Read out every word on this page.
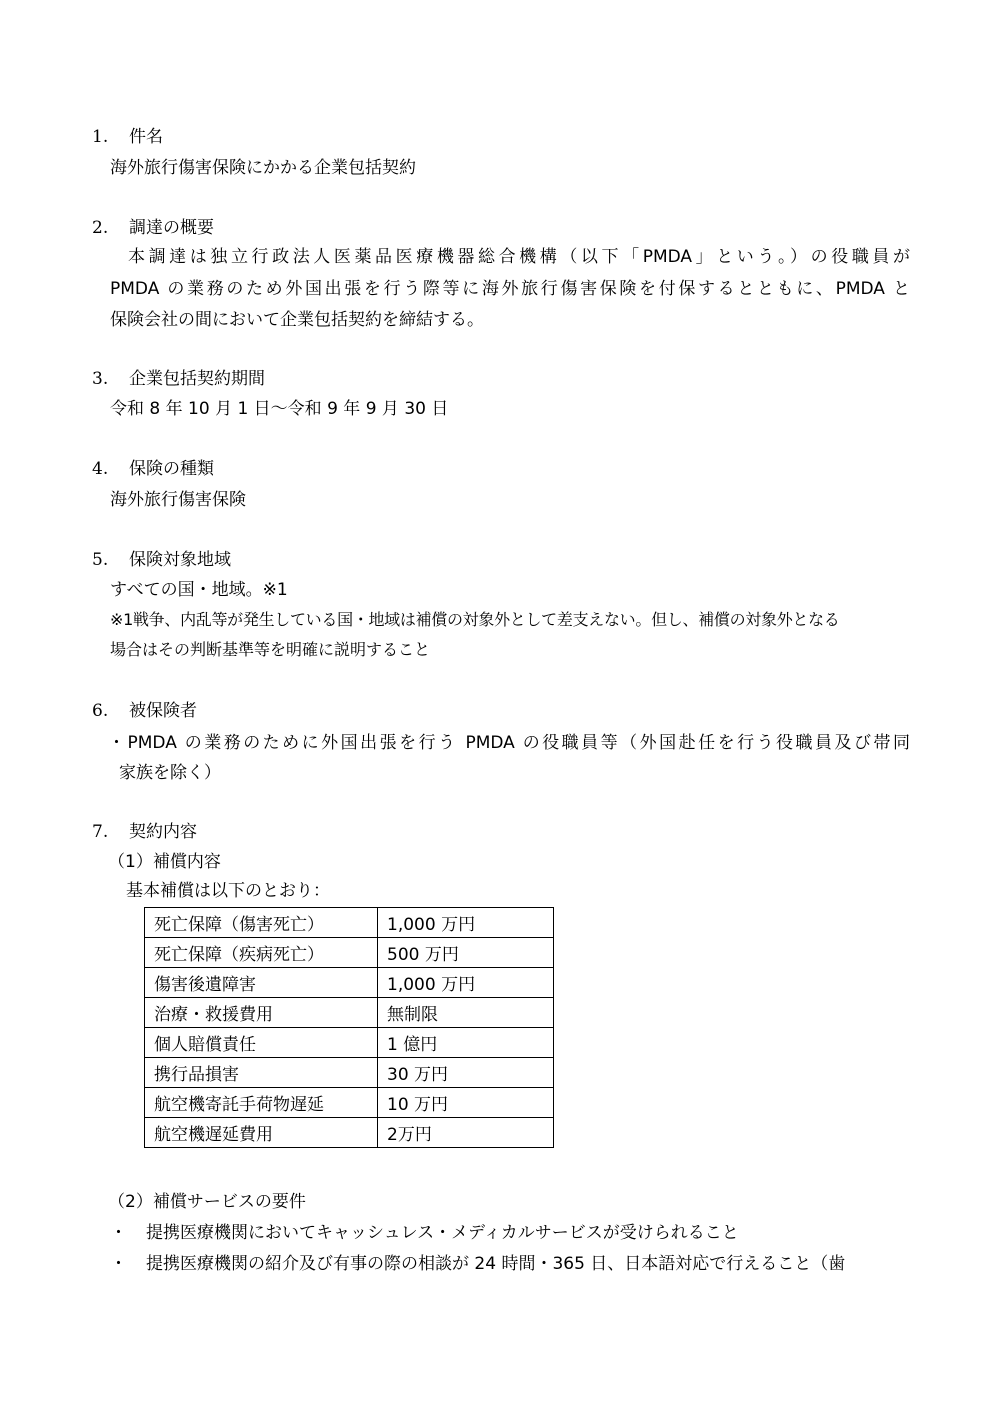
1. 件名
海外旅行傷害保険にかかる企業包括契約
2. 調達の概要
本調達は独立行政法人医薬品医療機器総合機構（以下「PMDA」という。）の役職員が
PMDA の業務のため外国出張を行う際等に海外旅行傷害保険を付保するとともに、PMDA と
保険会社の間において企業包括契約を締結する。
3. 企業包括契約期間
令和 8 年 10 月 1 日～令和 9 年 9 月 30 日
4. 保険の種類
海外旅行傷害保険
5. 保険対象地域
すべての国・地域。※1
※1戦争、内乱等が発生している国・地域は補償の対象外として差支えない。但し、補償の対象外となる
場合はその判断基準等を明確に説明すること
6. 被保険者
・PMDA の業務のために外国出張を行う PMDA の役職員等（外国赴任を行う役職員及び帯同
家族を除く）
7. 契約内容
（1）補償内容
基本補償は以下のとおり：
死亡保障（傷害死亡）	1,000 万円
死亡保障（疾病死亡）	500 万円
傷害後遺障害	1,000 万円
治療・救援費用	無制限
個人賠償責任	1 億円
携行品損害	30 万円
航空機寄託手荷物遅延	10 万円
航空機遅延費用	2万円
（2）補償サービスの要件
・ 提携医療機関においてキャッシュレス・メディカルサービスが受けられること
・ 提携医療機関の紹介及び有事の際の相談が 24 時間・365 日、日本語対応で行えること（歯
